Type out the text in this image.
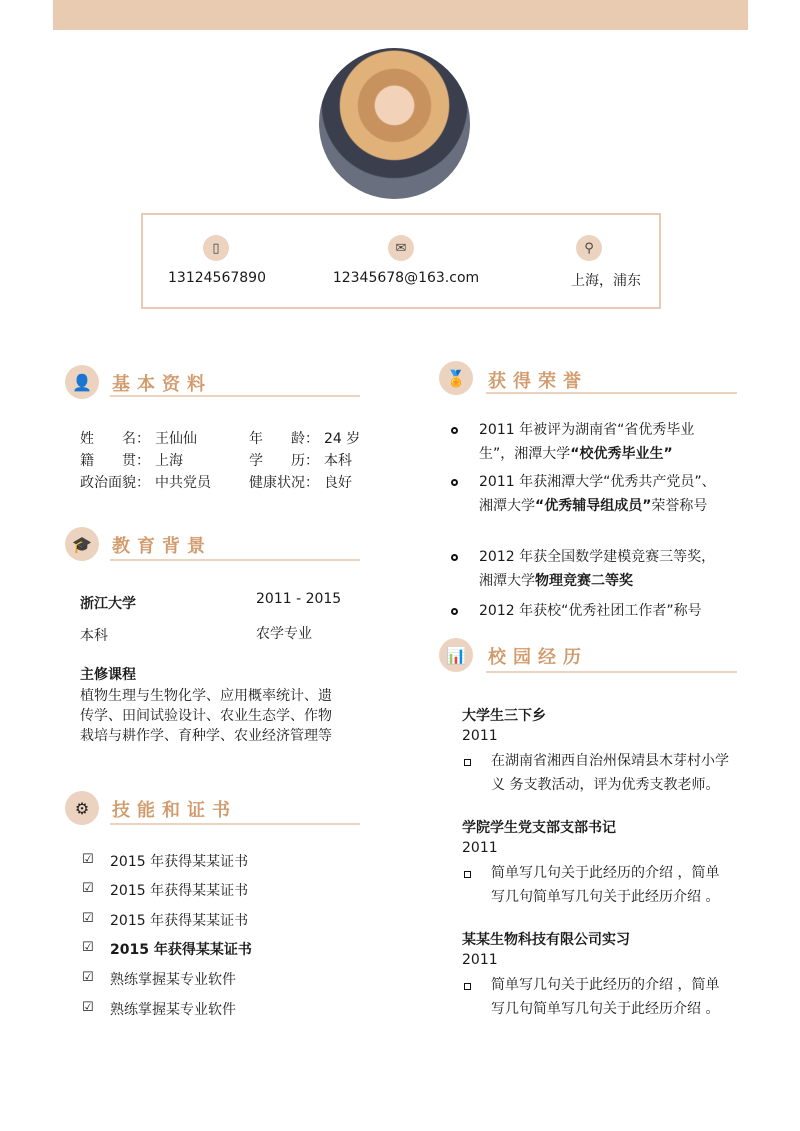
▯
13124567890
✉
12345678@163.com
⚲
上海，浦东
👤	基本资料
姓　　名： 王仙仙	年　　龄： 24 岁
籍　　贯： 上海	学　　历： 本科
政治面貌： 中共党员	健康状况： 良好
🎓	教育背景
浙江大学	2011 - 2015
本科	农学专业
主修课程
植物生理与生物化学、应用概率统计、遗传学、田间试验设计、农业生态学、作物栽培与耕作学、育种学、农业经济管理等
⚙	技能和证书
☑ 2015 年获得某某证书
☑ 2015 年获得某某证书
☑ 2015 年获得某某证书
☑ 2015 年获得某某证书
☑ 熟练掌握某专业软件
☑ 熟练掌握某专业软件
🏅	获得荣誉
2011 年被评为湖南省“省优秀毕业生”，湘潭大学“校优秀毕业生”
2011 年获湘潭大学“优秀共产党员”、湘潭大学“优秀辅导组成员”荣誉称号
2012 年获全国数学建模竞赛三等奖，湘潭大学物理竞赛二等奖
2012 年获校“优秀社团工作者”称号
📊	校园经历
大学生三下乡
2011
在湖南省湘西自治州保靖县木芽村小学义 务支教活动，评为优秀支教老师。
学院学生党支部支部书记
2011
简单写几句关于此经历的介绍 ，简单写几句简单写几句关于此经历介绍 。
某某生物科技有限公司实习
2011
简单写几句关于此经历的介绍 ，简单写几句简单写几句关于此经历介绍 。
